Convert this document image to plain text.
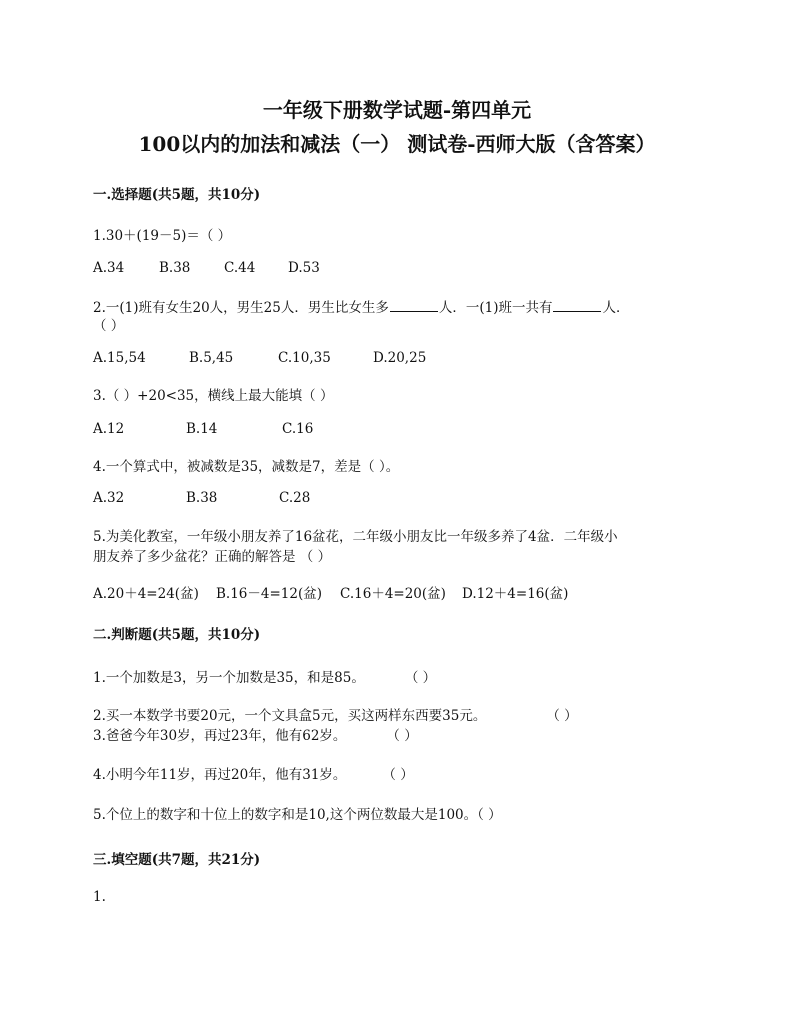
一年级下册数学试题-第四单元
100以内的加法和减法（一） 测试卷-西师大版（含答案）
一.选择题(共5题，共10分)
1.30＋(19－5)＝（ ）
A.34	B.38 C.44 D.53
2.一(1)班有女生20人，男生25人．男生比女生多	人．一(1)班一共有	人．
（ ）
A.15,54	B.5,45	C.10,35	D.20,25
3.（ ）+20<35，横线上最大能填（ ）
A.12	B.14	C.16
4.一个算式中，被减数是35，减数是7，差是（ ）。
A.32	B.38	C.28
5.为美化教室，一年级小朋友养了16盆花，二年级小朋友比一年级多养了4盆．二年级小
朋友养了多少盆花？正确的解答是 （ ）
A.20＋4=24(盆) B.16－4=12(盆) C.16＋4=20(盆) D.12＋4=16(盆)
二.判断题(共5题，共10分)
1.一个加数是3，另一个加数是35，和是85。	（ ）
2.买一本数学书要20元，一个文具盒5元，买这两样东西要35元。	（ ）
3.爸爸今年30岁，再过23年，他有62岁。	（ ）
4.小明今年11岁，再过20年，他有31岁。	（ ）
5.个位上的数字和十位上的数字和是10,这个两位数最大是100。（ ）
三.填空题(共7题，共21分)
1.
